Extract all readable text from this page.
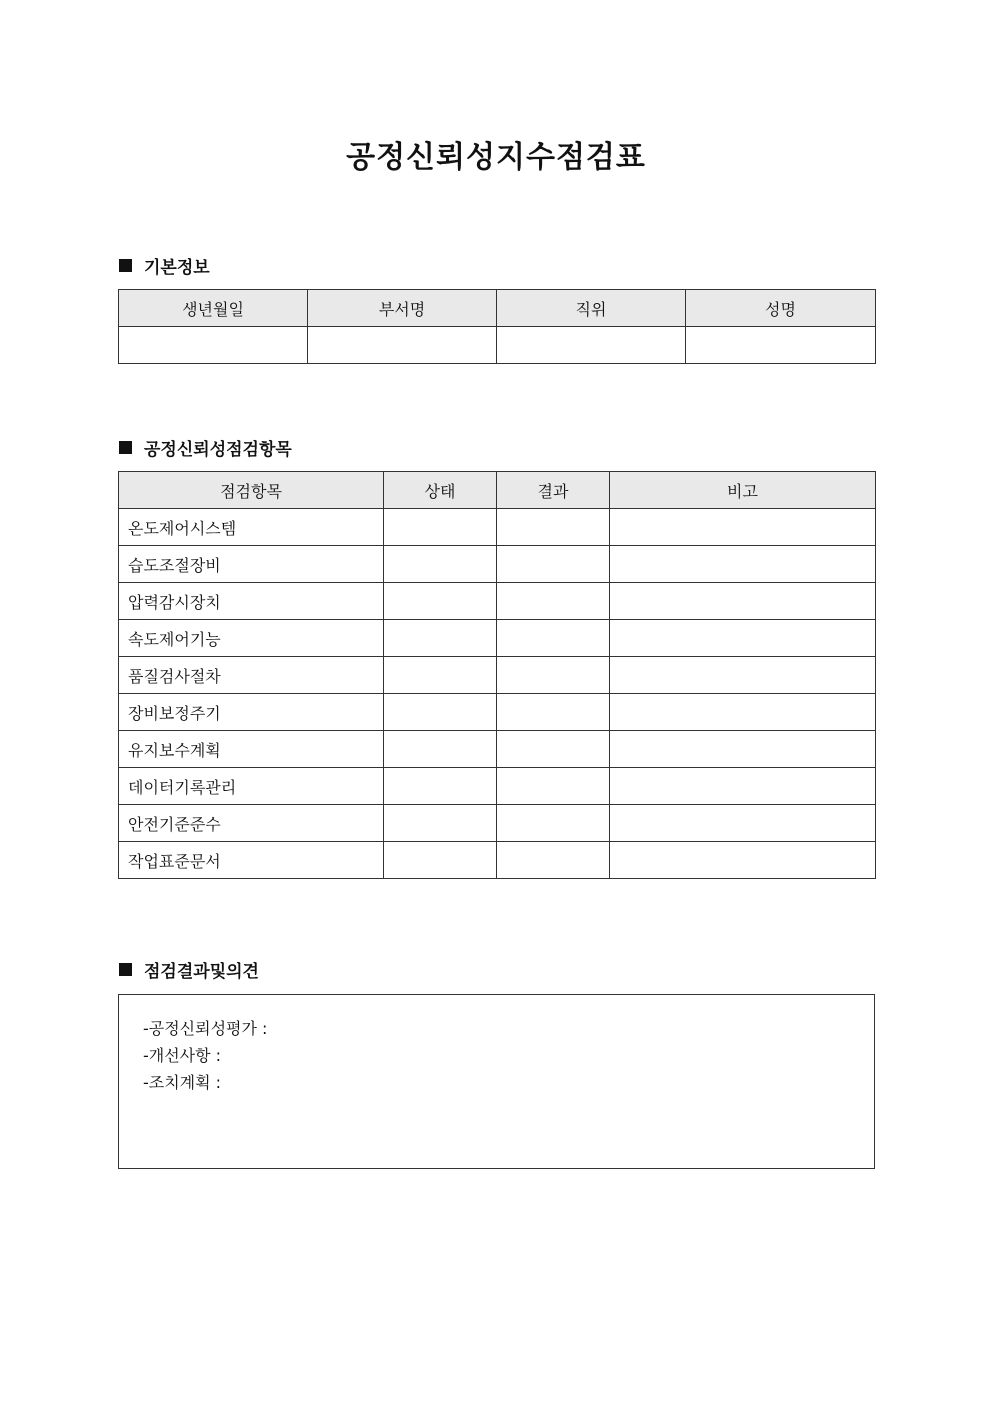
공정신뢰성지수점검표
기본정보
생년월일	부서명	직위	성명

공정신뢰성점검항목
점검항목	상태	결과	비고
온도제어시스템			
습도조절장비			
압력감시장치			
속도제어기능			
품질검사절차			
장비보정주기			
유지보수계획			
데이터기록관리			
안전기준준수			
작업표준문서			
점검결과및의견
-공정신뢰성평가 :
-개선사항 :
-조치계획 :
